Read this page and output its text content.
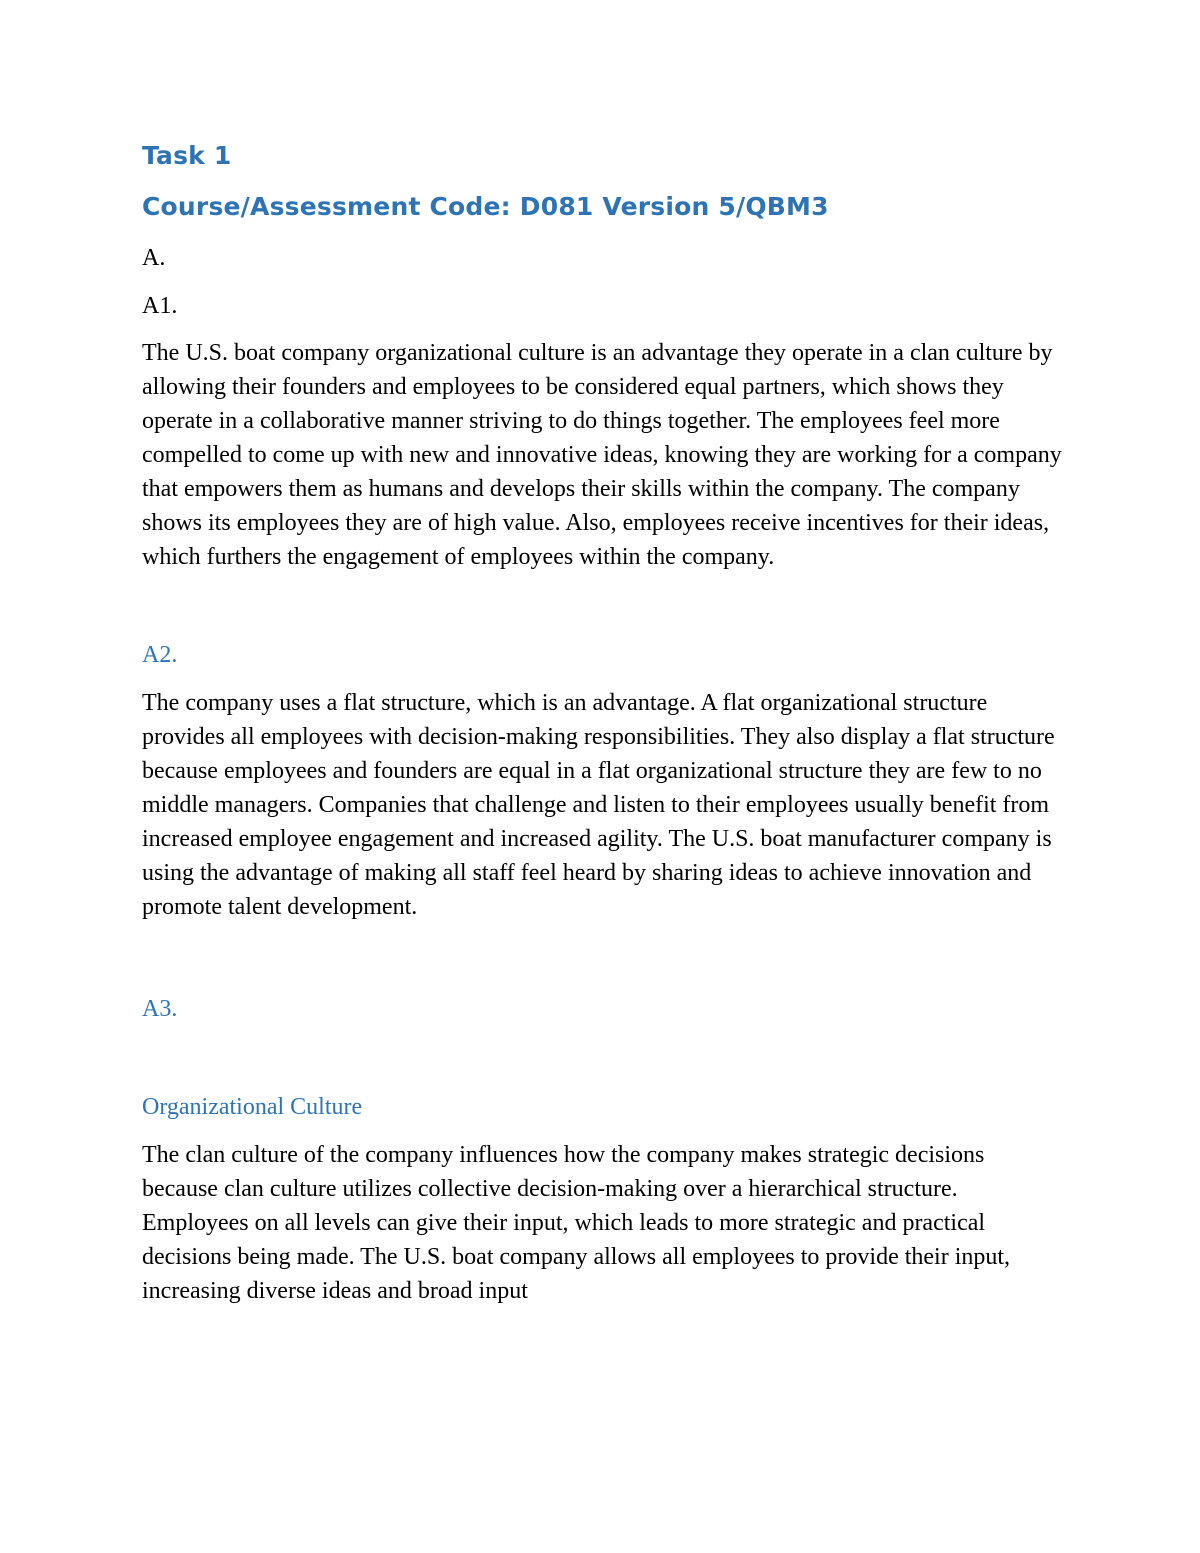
Task 1
Course/Assessment Code: D081 Version 5/QBM3

A.

A1.

The U.S. boat company organizational culture is an advantage they operate in a clan culture by allowing their founders and employees to be considered equal partners, which shows they operate in a collaborative manner striving to do things together. The employees feel more compelled to come up with new and innovative ideas, knowing they are working for a company that empowers them as humans and develops their skills within the company. The company shows its employees they are of high value. Also, employees receive incentives for their ideas, which furthers the engagement of employees within the company.

A2.

The company uses a flat structure, which is an advantage. A flat organizational structure provides all employees with decision-making responsibilities. They also display a flat structure because employees and founders are equal in a flat organizational structure they are few to no middle managers. Companies that challenge and listen to their employees usually benefit from increased employee engagement and increased agility. The U.S. boat manufacturer company is using the advantage of making all staff feel heard by sharing ideas to achieve innovation and promote talent development.

A3.

Organizational Culture

The clan culture of the company influences how the company makes strategic decisions because clan culture utilizes collective decision-making over a hierarchical structure. Employees on all levels can give their input, which leads to more strategic and practical decisions being made. The U.S. boat company allows all employees to provide their input, increasing diverse ideas and broad input
